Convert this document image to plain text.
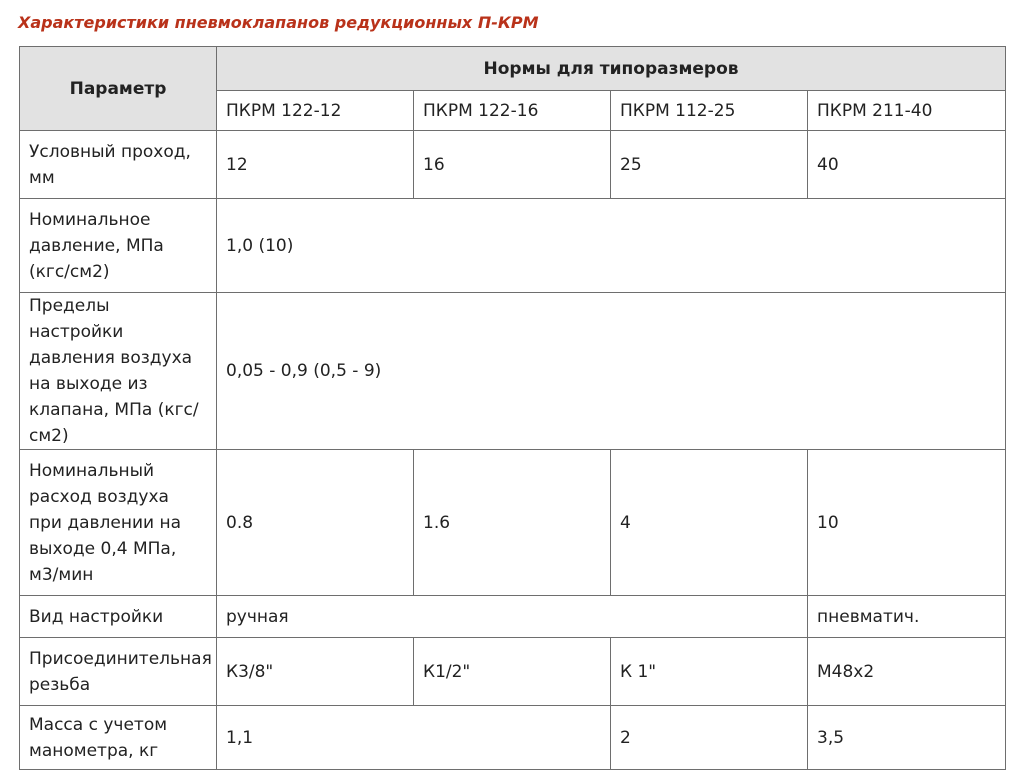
Характеристики пневмоклапанов редукционных П-КРМ
Параметр	Нормы для типоразмеров			
	ПКРМ 122-12	ПКРМ 122-16	ПКРМ 112-25	ПКРМ 211-40
Условный проход, мм	12	16	25	40
Номинальное давление, МПа (кгс/см2)	1,0 (10)			
Пределы настройки давления воздуха на выходе из клапана, МПа (кгс/см2)	0,05 - 0,9 (0,5 - 9)			
Номинальный расход воздуха при давлении на выходе 0,4 МПа, м3/мин	0.8	1.6	4	10
Вид настройки	ручная			пневматич.
Присоединительная резьба	К3/8"	К1/2"	К 1"	М48х2
Масса с учетом манометра, кг	1,1		2	3,5
